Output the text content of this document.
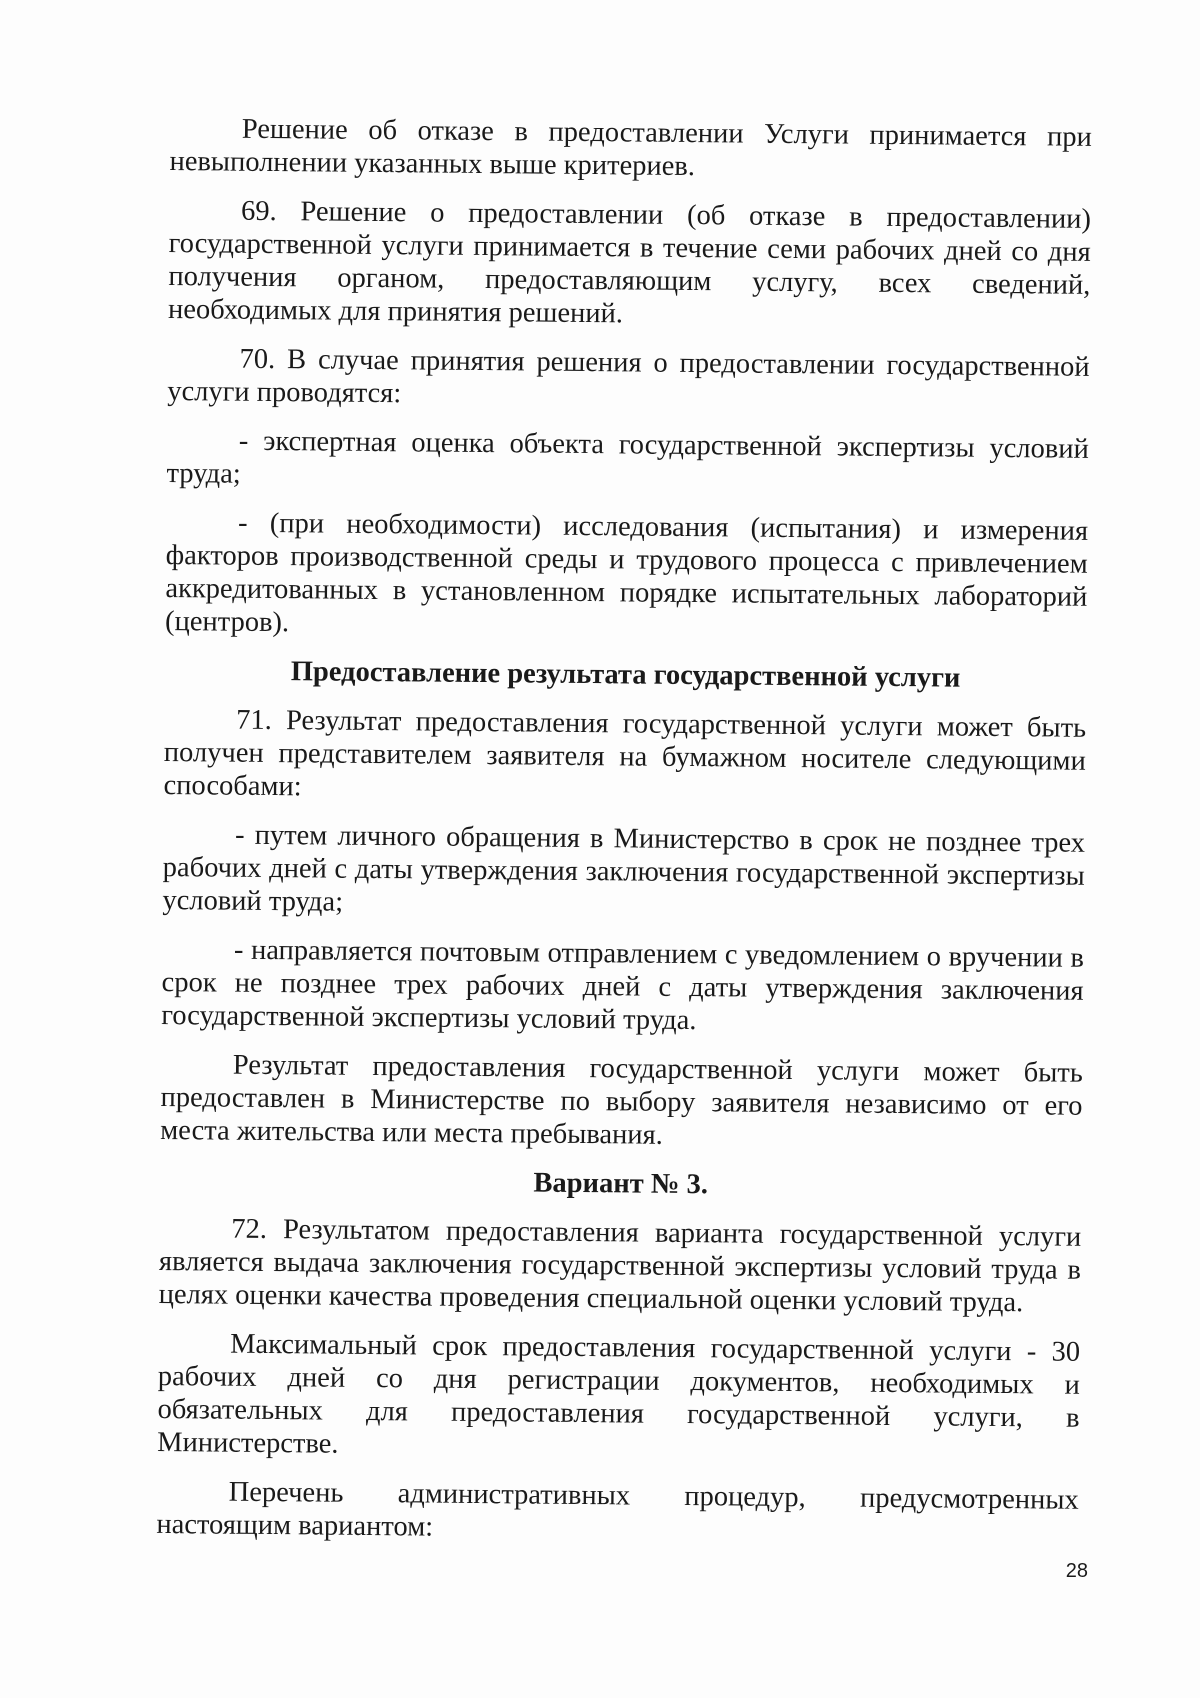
Решение об отказе в предоставлении Услуги принимается при невыполнении указанных выше критериев.

69. Решение о предоставлении (об отказе в предоставлении) государственной услуги принимается в течение семи рабочих дней со дня получения органом, предоставляющим услугу, всех сведений, необходимых для принятия решений.

70. В случае принятия решения о предоставлении государственной услуги проводятся:

- экспертная оценка объекта государственной экспертизы условий труда;

- (при необходимости) исследования (испытания) и измерения факторов производственной среды и трудового процесса с привлечением аккредитованных в установленном порядке испытательных лабораторий (центров).

Предоставление результата государственной услуги

71. Результат предоставления государственной услуги может быть получен представителем заявителя на бумажном носителе следующими способами:

- путем личного обращения в Министерство в срок не позднее трех рабочих дней с даты утверждения заключения государственной экспертизы условий труда;

- направляется почтовым отправлением с уведомлением о вручении в срок не позднее трех рабочих дней с даты утверждения заключения государственной экспертизы условий труда.

Результат предоставления государственной услуги может быть предоставлен в Министерстве по выбору заявителя независимо от его места жительства или места пребывания.

Вариант № 3.

72. Результатом предоставления варианта государственной услуги является выдача заключения государственной экспертизы условий труда в целях оценки качества проведения специальной оценки условий труда.

Максимальный срок предоставления государственной услуги - 30 рабочих дней со дня регистрации документов, необходимых и обязательных для предоставления государственной услуги, в Министерстве.

Перечень административных процедур, предусмотренных настоящим вариантом:

28
